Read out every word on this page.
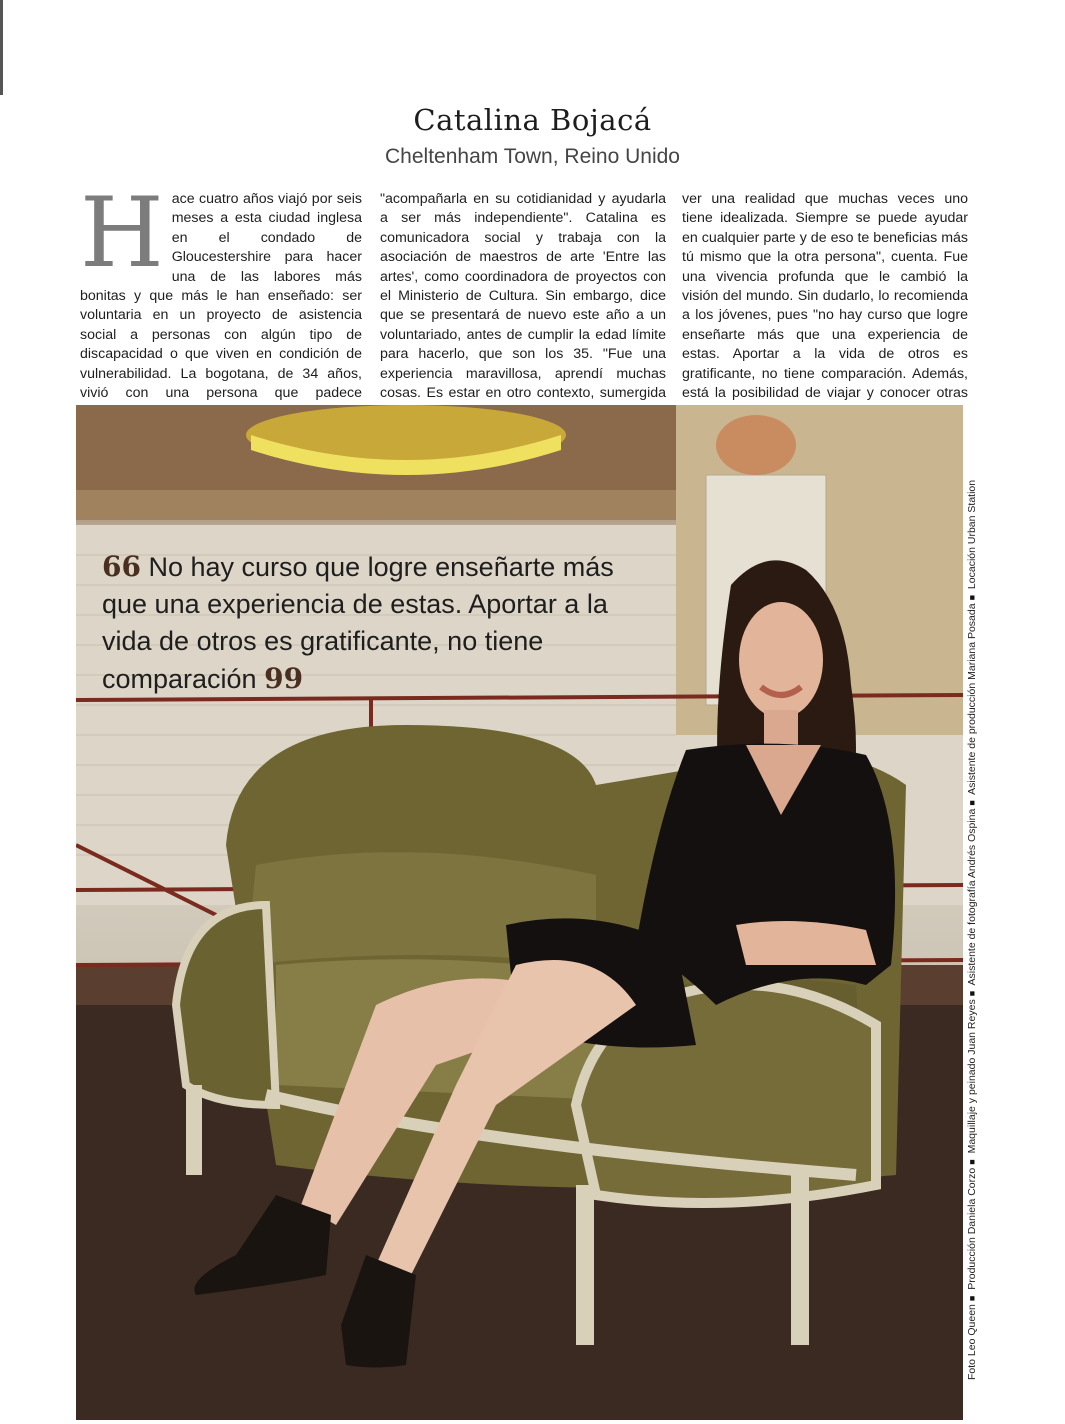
Catalina Bojacá
Cheltenham Town, Reino Unido
H ace cuatro años viajó por seis meses a esta ciudad inglesa en el condado de Gloucestershire para hacer una de las labores más bonitas y que más le han enseñado: ser voluntaria en un proyecto de asistencia social a personas con algún tipo de discapacidad o que viven en condición de vulnerabilidad. La bogotana, de 34 años, vivió con una persona que padece

"acompañarla en su cotidianidad y ayudarla a ser más independiente". Catalina es comunicadora social y trabaja con la asociación de maestros de arte 'Entre las artes', como coordinadora de proyectos con el Ministerio de Cultura. Sin embargo, dice que se presentará de nuevo este año a un voluntariado, antes de cumplir la edad límite para hacerlo, que son los 35. "Fue una experiencia maravillosa, aprendí muchas cosas. Es estar en otro contexto, sumergida

ver una realidad que muchas veces uno tiene idealizada. Siempre se puede ayudar en cualquier parte y de eso te beneficias más tú mismo que la otra persona", cuenta. Fue una vivencia profunda que le cambió la visión del mundo. Sin dudarlo, lo recomienda a los jóvenes, pues "no hay curso que logre enseñarte más que una experiencia de estas. Aportar a la vida de otros es gratificante, no tiene comparación. Además, está la posibilidad de viajar y conocer otras

66 No hay curso que logre enseñarte más que una experiencia de estas. Aportar a la vida de otros es gratificante, no tiene comparación 99
Foto Leo Queen■ Producción Daniela Corzo■ Maquillaje y peinado Juan Reyes■ Asistente de fotografía Andrés Ospina■ Asistente de producción Mariana Posada■ Locación Urban Station
